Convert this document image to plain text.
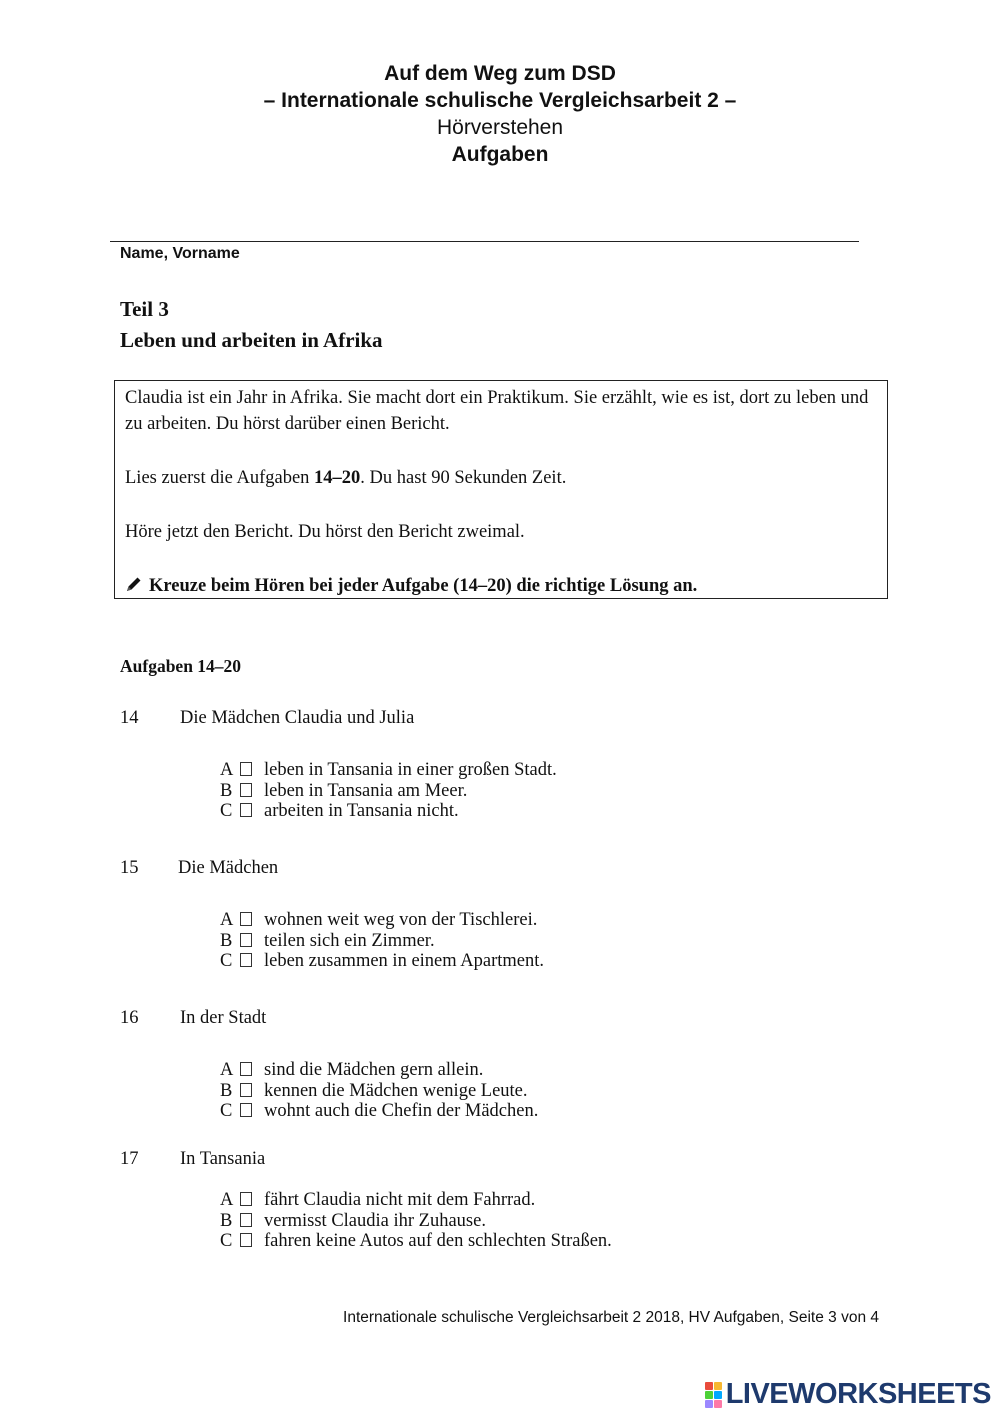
Auf dem Weg zum DSD
– Internationale schulische Vergleichsarbeit 2 –
Hörverstehen
Aufgaben
Name, Vorname
Teil 3
Leben und arbeiten in Afrika

Claudia ist ein Jahr in Afrika. Sie macht dort ein Praktikum. Sie erzählt, wie es ist, dort zu leben und zu arbeiten. Du hörst darüber einen Bericht.

Lies zuerst die Aufgaben 14–20. Du hast 90 Sekunden Zeit.

Höre jetzt den Bericht. Du hörst den Bericht zweimal.

Kreuze beim Hören bei jeder Aufgabe (14–20) die richtige Lösung an.

Aufgaben 14–20
14 Die Mädchen Claudia und Julia
A leben in Tansania in einer großen Stadt.
B leben in Tansania am Meer.
C arbeiten in Tansania nicht.
15 Die Mädchen
A wohnen weit weg von der Tischlerei.
B teilen sich ein Zimmer.
C leben zusammen in einem Apartment.
16 In der Stadt
A sind die Mädchen gern allein.
B kennen die Mädchen wenige Leute.
C wohnt auch die Chefin der Mädchen.
17 In Tansania
A fährt Claudia nicht mit dem Fahrrad.
B vermisst Claudia ihr Zuhause.
C fahren keine Autos auf den schlechten Straßen.
Internationale schulische Vergleichsarbeit 2 2018, HV Aufgaben, Seite 3 von 4
LIVEWORKSHEETS
